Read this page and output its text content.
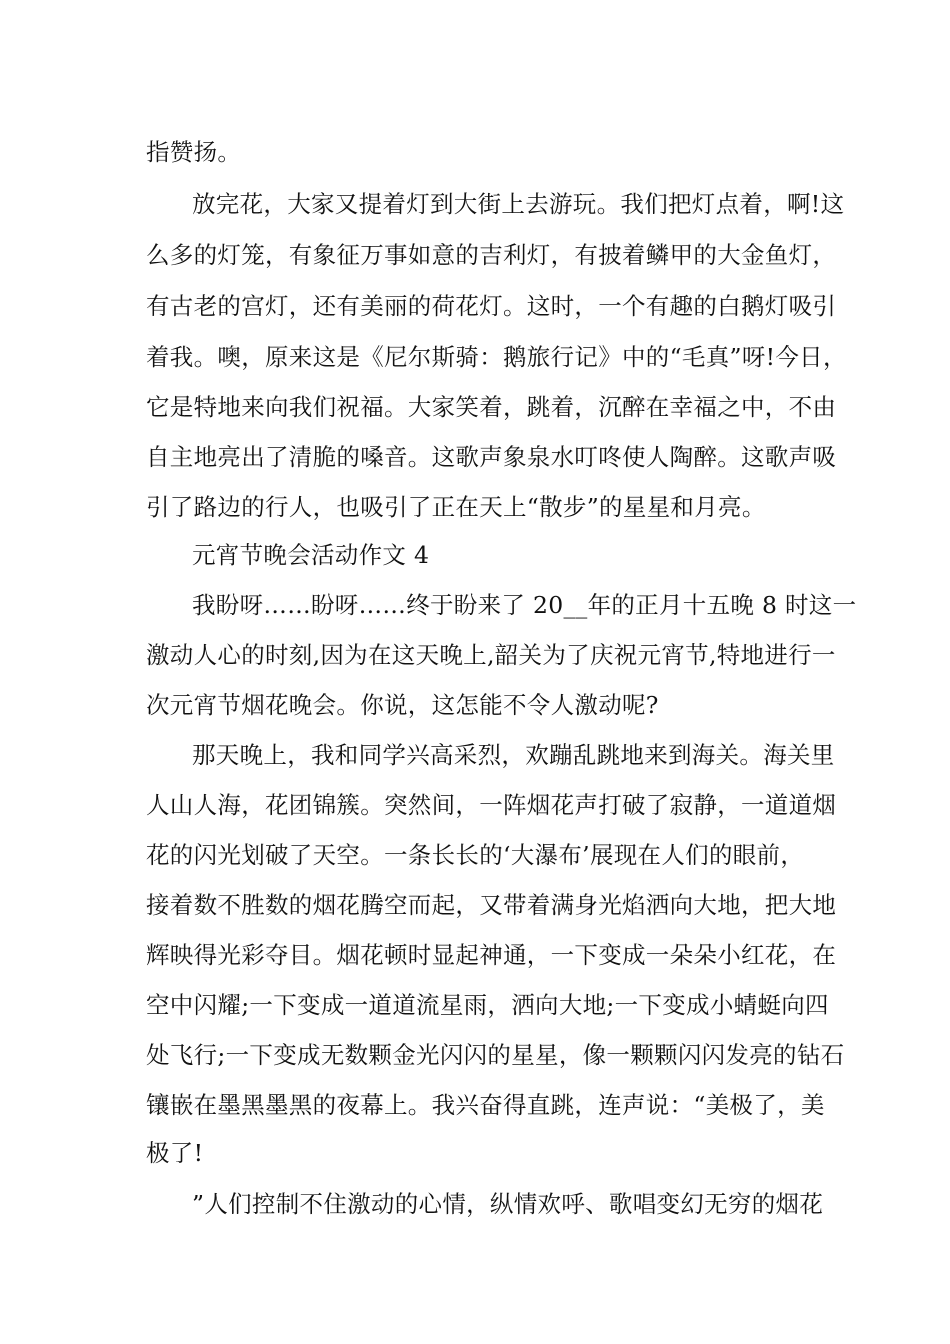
指赞扬。
放完花，大家又提着灯到大街上去游玩。我们把灯点着，啊!这
么多的灯笼，有象征万事如意的吉利灯，有披着鳞甲的大金鱼灯，
有古老的宫灯，还有美丽的荷花灯。这时，一个有趣的白鹅灯吸引
着我。噢，原来这是《尼尔斯骑：鹅旅行记》中的“毛真”呀!今日，
它是特地来向我们祝福。大家笑着，跳着，沉醉在幸福之中，不由
自主地亮出了清脆的嗓音。这歌声象泉水叮咚使人陶醉。这歌声吸
引了路边的行人，也吸引了正在天上“散步”的星星和月亮。
元宵节晚会活动作文 4
我盼呀……盼呀……终于盼来了 20__年的正月十五晚 8 时这一
激动人心的时刻,因为在这天晚上,韶关为了庆祝元宵节,特地进行一
次元宵节烟花晚会。你说，这怎能不令人激动呢?
那天晚上，我和同学兴高采烈，欢蹦乱跳地来到海关。海关里
人山人海，花团锦簇。突然间，一阵烟花声打破了寂静，一道道烟
花的闪光划破了天空。一条长长的‘大瀑布’展现在人们的眼前，
接着数不胜数的烟花腾空而起，又带着满身光焰洒向大地，把大地
辉映得光彩夺目。烟花顿时显起神通，一下变成一朵朵小红花，在
空中闪耀;一下变成一道道流星雨，洒向大地;一下变成小蜻蜓向四
处飞行;一下变成无数颗金光闪闪的星星，像一颗颗闪闪发亮的钻石
镶嵌在墨黑墨黑的夜幕上。我兴奋得直跳，连声说：“美极了，美
极了!
”人们控制不住激动的心情，纵情欢呼、歌唱变幻无穷的烟花
